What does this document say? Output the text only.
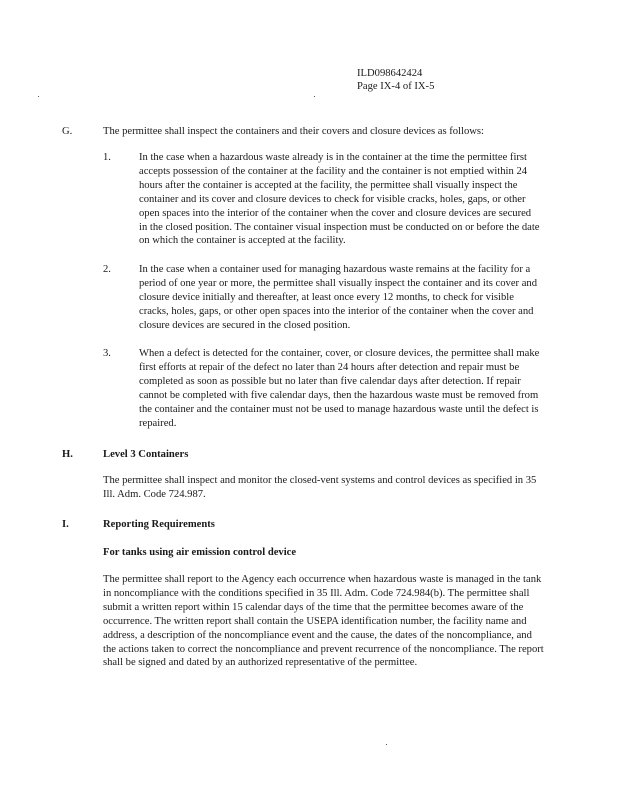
ILD098642424
Page IX-4 of IX-5
G.	The permittee shall inspect the containers and their covers and closure devices as follows:
1.	In the case when a hazardous waste already is in the container at the time the permittee first accepts possession of the container at the facility and the container is not emptied within 24 hours after the container is accepted at the facility, the permittee shall visually inspect the container and its cover and closure devices to check for visible cracks, holes, gaps, or other open spaces into the interior of the container when the cover and closure devices are secured in the closed position. The container visual inspection must be conducted on or before the date on which the container is accepted at the facility.
2.	In the case when a container used for managing hazardous waste remains at the facility for a period of one year or more, the permittee shall visually inspect the container and its cover and closure device initially and thereafter, at least once every 12 months, to check for visible cracks, holes, gaps, or other open spaces into the interior of the container when the cover and closure devices are secured in the closed position.
3.	When a defect is detected for the container, cover, or closure devices, the permittee shall make first efforts at repair of the defect no later than 24 hours after detection and repair must be completed as soon as possible but no later than five calendar days after detection. If repair cannot be completed with five calendar days, then the hazardous waste must be removed from the container and the container must not be used to manage hazardous waste until the defect is repaired.
H.	Level 3 Containers
The permittee shall inspect and monitor the closed-vent systems and control devices as specified in 35 Ill. Adm. Code 724.987.
I.	Reporting Requirements
For tanks using air emission control device
The permittee shall report to the Agency each occurrence when hazardous waste is managed in the tank in noncompliance with the conditions specified in 35 Ill. Adm. Code 724.984(b). The permittee shall submit a written report within 15 calendar days of the time that the permittee becomes aware of the occurrence. The written report shall contain the USEPA identification number, the facility name and address, a description of the noncompliance event and the cause, the dates of the noncompliance, and the actions taken to correct the noncompliance and prevent recurrence of the noncompliance. The report shall be signed and dated by an authorized representative of the permittee.
